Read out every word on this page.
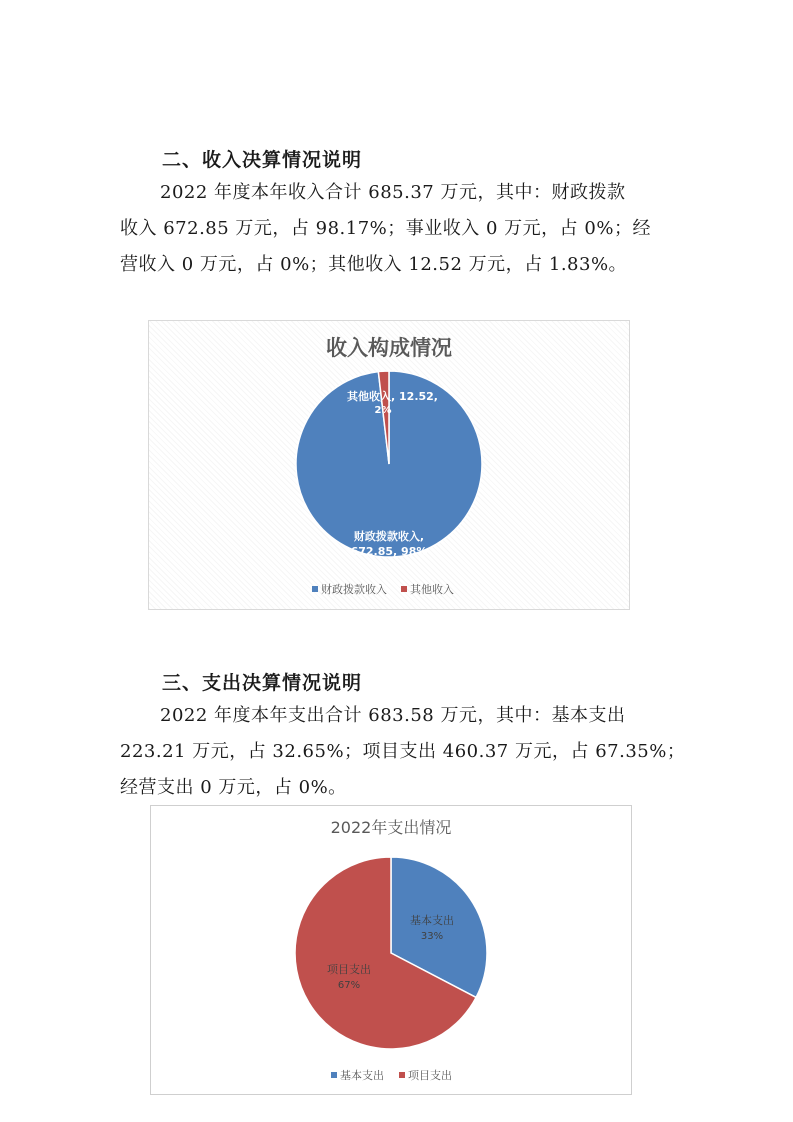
二、收入决算情况说明
2022 年度本年收入合计 685.37 万元，其中：财政拨款
收入 672.85 万元，占 98.17%；事业收入 0 万元，占 0%；经
营收入 0 万元，占 0%；其他收入 12.52 万元，占 1.83%。
收入构成情况
其他收入, 12.52,
2%
财政拨款收入,
672.85, 98%
财政拨款收入 其他收入
三、支出决算情况说明
2022 年度本年支出合计 683.58 万元，其中：基本支出
223.21 万元，占 32.65%；项目支出 460.37 万元，占 67.35%；
经营支出 0 万元，占 0%。
2022年支出情况
基本支出
33%
项目支出
67%
基本支出 项目支出
